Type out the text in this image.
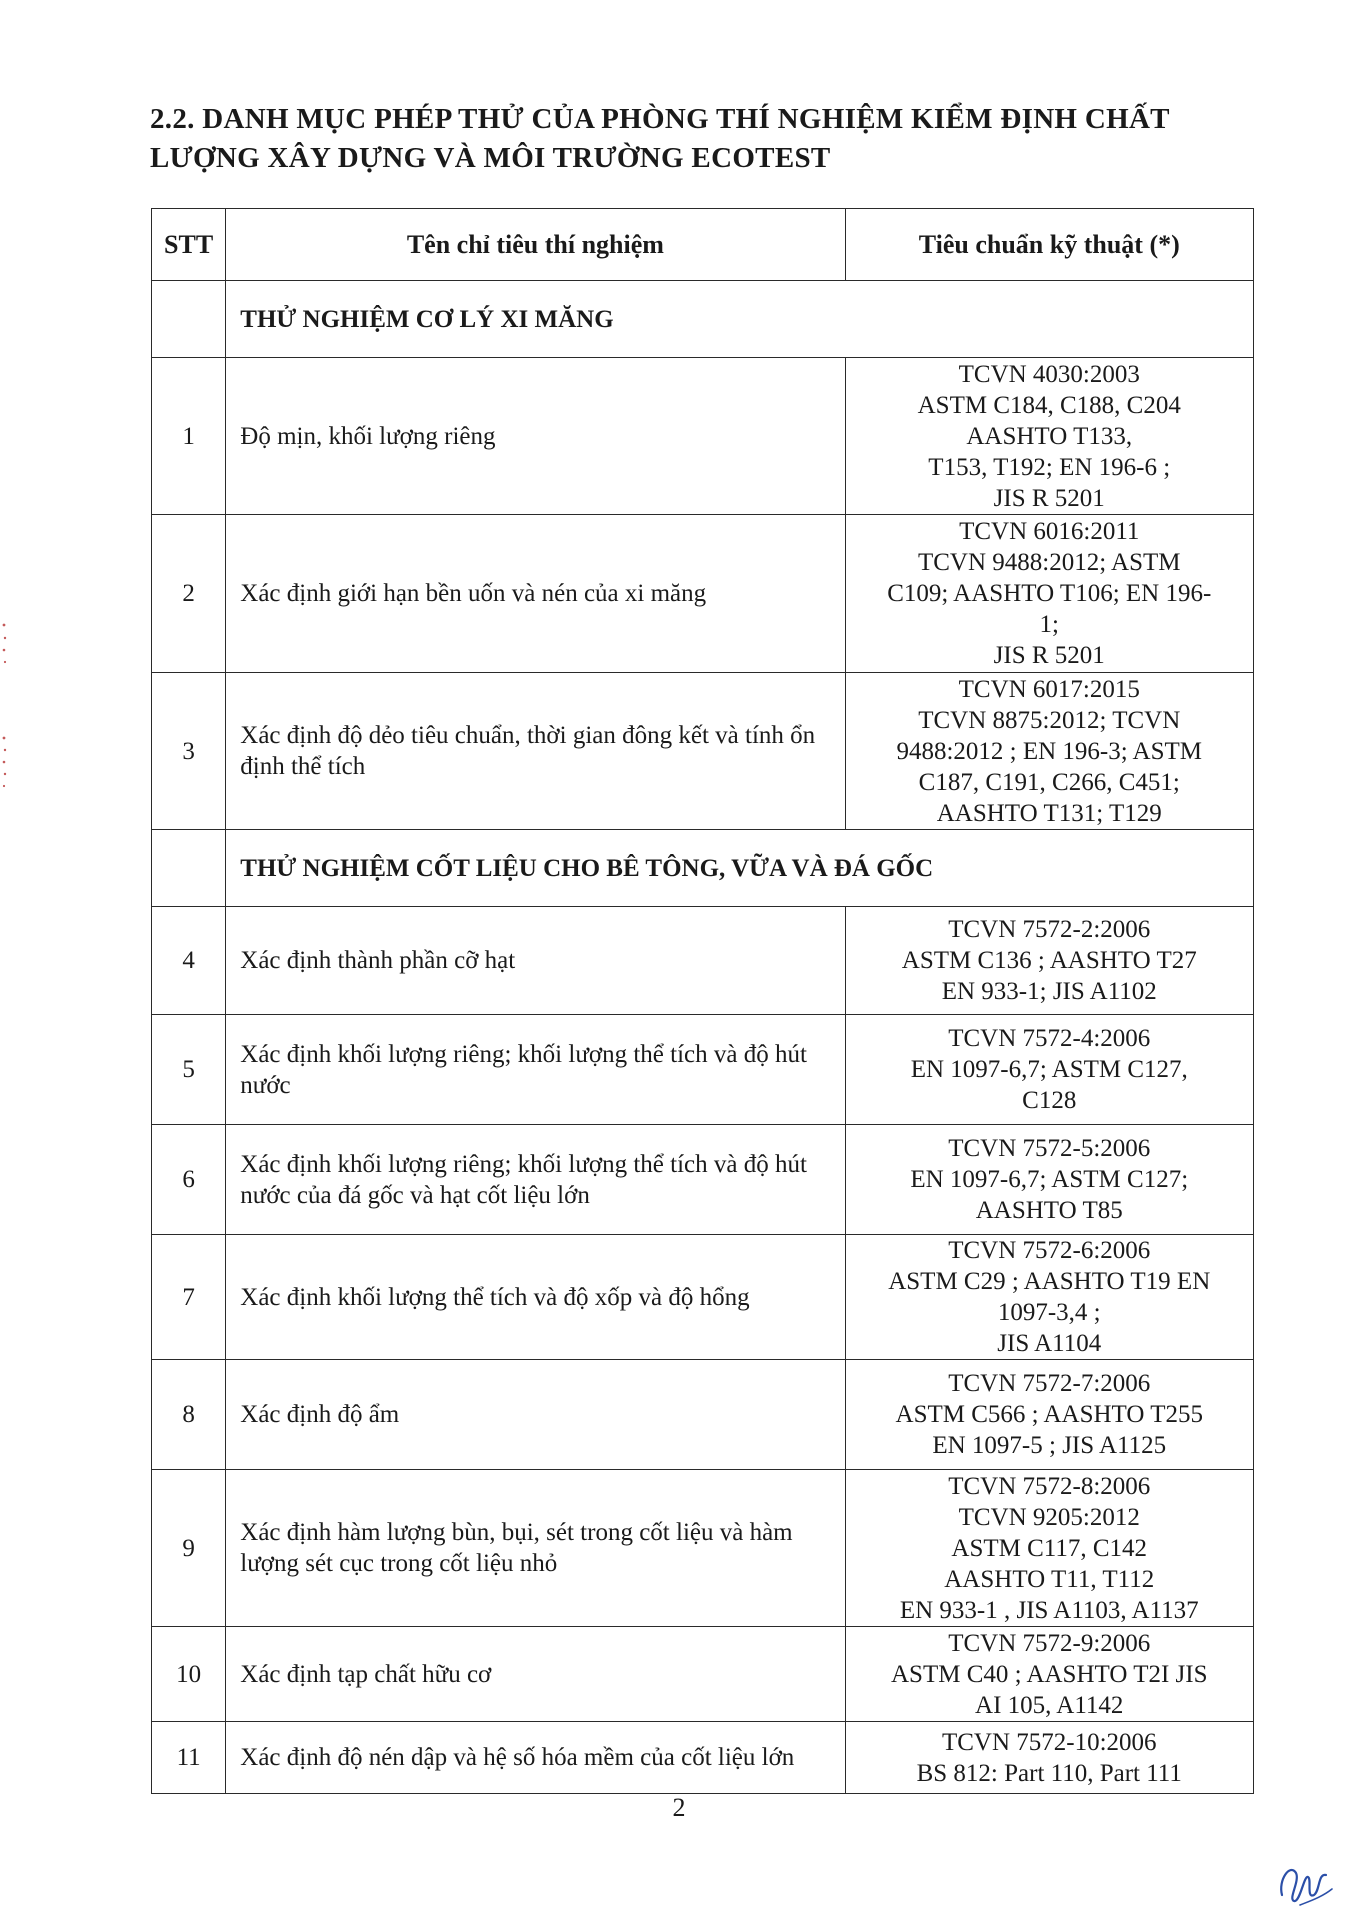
2.2. DANH MỤC PHÉP THỬ CỦA PHÒNG THÍ NGHIỆM KIỂM ĐỊNH CHẤT LƯỢNG XÂY DỰNG VÀ MÔI TRƯỜNG ECOTEST
STT	Tên chỉ tiêu thí nghiệm	Tiêu chuẩn kỹ thuật (*)
	THỬ NGHIỆM CƠ LÝ XI MĂNG	
1	Độ mịn, khối lượng riêng	TCVN 4030:2003
ASTM C184, C188, C204
AASHTO T133,
T153, T192; EN 196-6 ;
JIS R 5201

2	Xác định giới hạn bền uốn và nén của xi măng	TCVN 6016:2011
TCVN 9488:2012; ASTM
C109; AASHTO T106; EN 196-
1;
JIS R 5201

3	Xác định độ dẻo tiêu chuẩn, thời gian đông kết và tính ổn định thể tích	TCVN 6017:2015
TCVN 8875:2012; TCVN
9488:2012 ; EN 196-3; ASTM
C187, C191, C266, C451;
AASHTO T131; T129

	THỬ NGHIỆM CỐT LIỆU CHO BÊ TÔNG, VỮA VÀ ĐÁ GỐC	
4	Xác định thành phần cỡ hạt	TCVN 7572-2:2006
ASTM C136 ; AASHTO T27
EN 933-1; JIS A1102

5	Xác định khối lượng riêng; khối lượng thể tích và độ hút nước	TCVN 7572-4:2006
EN 1097-6,7; ASTM C127,
C128

6	Xác định khối lượng riêng; khối lượng thể tích và độ hút nước của đá gốc và hạt cốt liệu lớn	TCVN 7572-5:2006
EN 1097-6,7; ASTM C127;
AASHTO T85

7	Xác định khối lượng thể tích và độ xốp và độ hổng	TCVN 7572-6:2006
ASTM C29 ; AASHTO T19 EN
1097-3,4 ;
JIS A1104

8	Xác định độ ẩm	TCVN 7572-7:2006
ASTM C566 ; AASHTO T255
EN 1097-5 ; JIS A1125

9	Xác định hàm lượng bùn, bụi, sét trong cốt liệu và hàm lượng sét cục trong cốt liệu nhỏ	TCVN 7572-8:2006
TCVN 9205:2012
ASTM C117, C142
AASHTO T11, T112
EN 933-1 , JIS A1103, A1137

10	Xác định tạp chất hữu cơ	TCVN 7572-9:2006
ASTM C40 ; AASHTO T2I JIS
AI 105, A1142

11	Xác định độ nén dập và hệ số hóa mềm của cốt liệu lớn	TCVN 7572-10:2006
BS 812: Part 110, Part 111
2
